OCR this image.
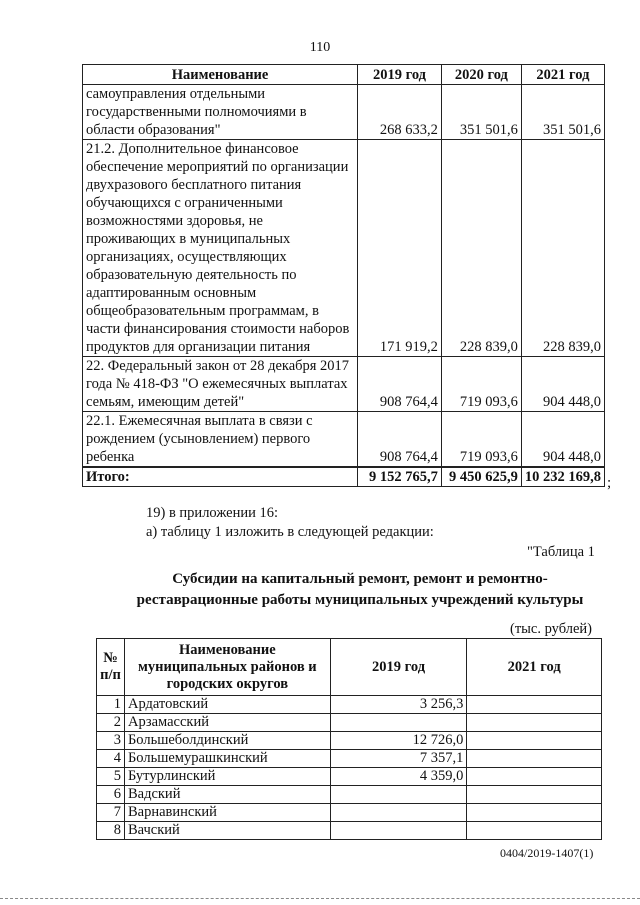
110
Наименование	2019 год	2020 год	2021 год
самоуправления отдельными государственными полномочиями в области образования"	268 633,2	351 501,6	351 501,6
21.2. Дополнительное финансовое обеспечение мероприятий по организации двухразового бесплатного питания обучающихся с ограниченными возможностями здоровья, не проживающих в муниципальных организациях, осуществляющих образовательную деятельность по адаптированным основным общеобразовательным программам, в части финансирования стоимости наборов продуктов для организации питания	171 919,2	228 839,0	228 839,0
22. Федеральный закон от 28 декабря 2017 года № 418-ФЗ "О ежемесячных выплатах семьям, имеющим детей"	908 764,4	719 093,6	904 448,0
22.1. Ежемесячная выплата в связи с рождением (усыновлением) первого ребенка	908 764,4	719 093,6	904 448,0
Итого:	9 152 765,7	9 450 625,9	10 232 169,8 ;
19) в приложении 16:
а) таблицу 1 изложить в следующей редакции:
"Таблица 1
Субсидии на капитальный ремонт, ремонт и ремонтно-
реставрационные работы муниципальных учреждений культуры
(тыс. рублей)
№ п/п	Наименование муниципальных районов и городских округов	2019 год	2021 год
1	Ардатовский	3 256,3	
2	Арзамасский		
3	Большеболдинский	12 726,0	
4	Большемурашкинский	7 357,1	
5	Бутурлинский	4 359,0	
6	Вадский		
7	Варнавинский		
8	Вачский		
0404/2019-1407(1)
